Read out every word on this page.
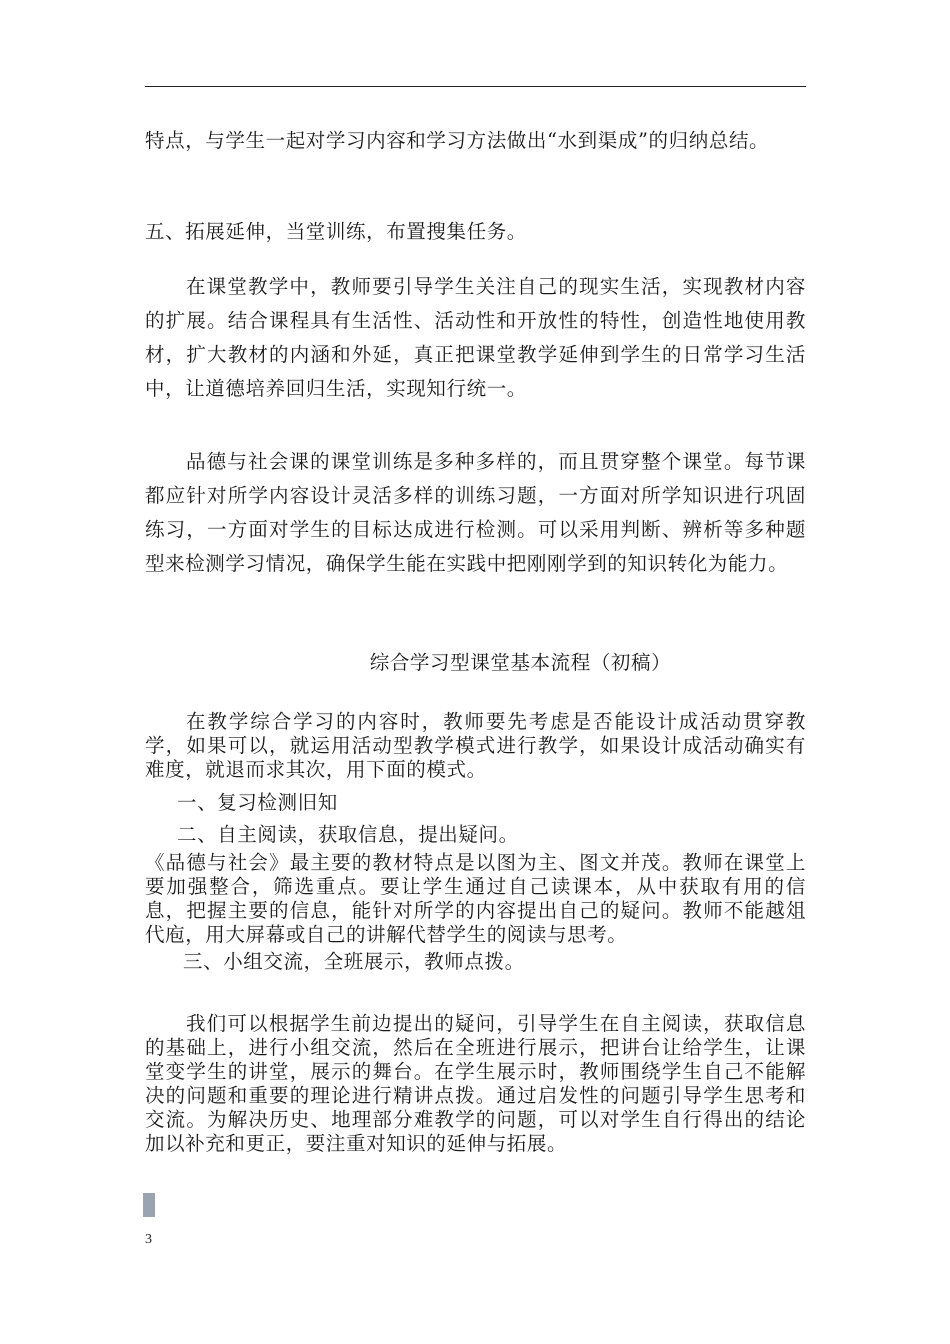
特点，与学生一起对学习内容和学习方法做出“水到渠成”的归纳总结。

五、拓展延伸，当堂训练，布置搜集任务。

在课堂教学中，教师要引导学生关注自己的现实生活，实现教材内容的扩展。结合课程具有生活性、活动性和开放性的特性，创造性地使用教材，扩大教材的内涵和外延，真正把课堂教学延伸到学生的日常学习生活中，让道德培养回归生活，实现知行统一。

品德与社会课的课堂训练是多种多样的，而且贯穿整个课堂。每节课都应针对所学内容设计灵活多样的训练习题，一方面对所学知识进行巩固练习，一方面对学生的目标达成进行检测。可以采用判断、辨析等多种题型来检测学习情况，确保学生能在实践中把刚刚学到的知识转化为能力。

综合学习型课堂基本流程（初稿）

在教学综合学习的内容时，教师要先考虑是否能设计成活动贯穿教学，如果可以，就运用活动型教学模式进行教学，如果设计成活动确实有难度，就退而求其次，用下面的模式。

一、复习检测旧知

二、自主阅读，获取信息，提出疑问。

《品德与社会》最主要的教材特点是以图为主、图文并茂。教师在课堂上要加强整合，筛选重点。要让学生通过自己读课本，从中获取有用的信息，把握主要的信息，能针对所学的内容提出自己的疑问。教师不能越俎代庖，用大屏幕或自己的讲解代替学生的阅读与思考。

三、小组交流，全班展示，教师点拨。

我们可以根据学生前边提出的疑问，引导学生在自主阅读，获取信息的基础上，进行小组交流，然后在全班进行展示，把讲台让给学生，让课堂变学生的讲堂，展示的舞台。在学生展示时，教师围绕学生自己不能解决的问题和重要的理论进行精讲点拨。通过启发性的问题引导学生思考和交流。为解决历史、地理部分难教学的问题，可以对学生自行得出的结论加以补充和更正，要注重对知识的延伸与拓展。

3
